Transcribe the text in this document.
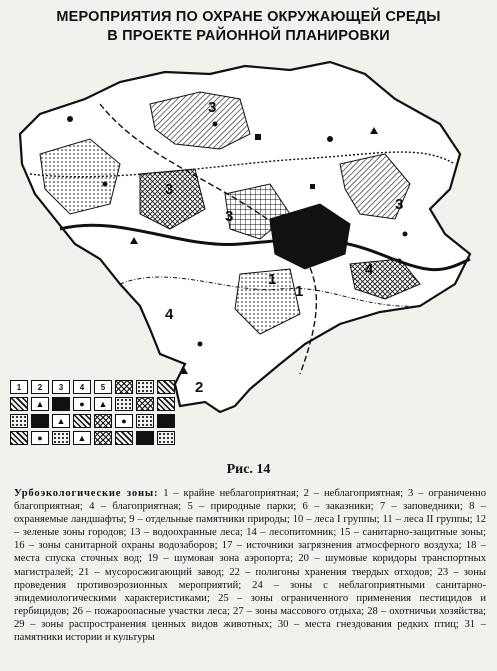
МЕРОПРИЯТИЯ ПО ОХРАНЕ ОКРУЖАЮЩЕЙ СРЕДЫ
В ПРОЕКТЕ РАЙОННОЙ ПЛАНИРОВКИ
3
3
3
4
4
1
1
2
3
1	2	3	4	5
▲	● ▲
▲	●
●	▲
Рис. 14
Урбоэкологические зоны: 1 – крайне неблагоприятная; 2 – неблагоприятная; 3 – ограниченно благоприятная; 4 – благоприятная; 5 – природные парки; 6 – заказники; 7 – заповедники; 8 – охраняемые ландшафты; 9 – отдельные памятники природы; 10 – леса I группы; 11 – леса II группы; 12 – зеленые зоны городов; 13 – водоохранные леса; 14 – лесопитомник; 15 – санитарно-защитные зоны; 16 – зоны санитарной охраны водозаборов; 17 – источники загрязнения атмосферного воздуха; 18 – места спуска сточных вод; 19 – шумовая зона аэропорта; 20 – шумовые коридоры транспортных магистралей; 21 – мусоросжигающий завод; 22 – полигоны хранения твердых отходов; 23 – зоны проведения противоэрозионных мероприятий; 24 – зоны с неблагоприятными санитарно-эпидемиологическими характеристиками; 25 – зоны ограниченного применения пестицидов и гербицидов; 26 – пожароопасные участки леса; 27 – зоны массового отдыха; 28 – охотничьи хозяйства; 29 – зоны распространения ценных видов животных; 30 – места гнездования редких птиц; 31 – памятники истории и культуры
